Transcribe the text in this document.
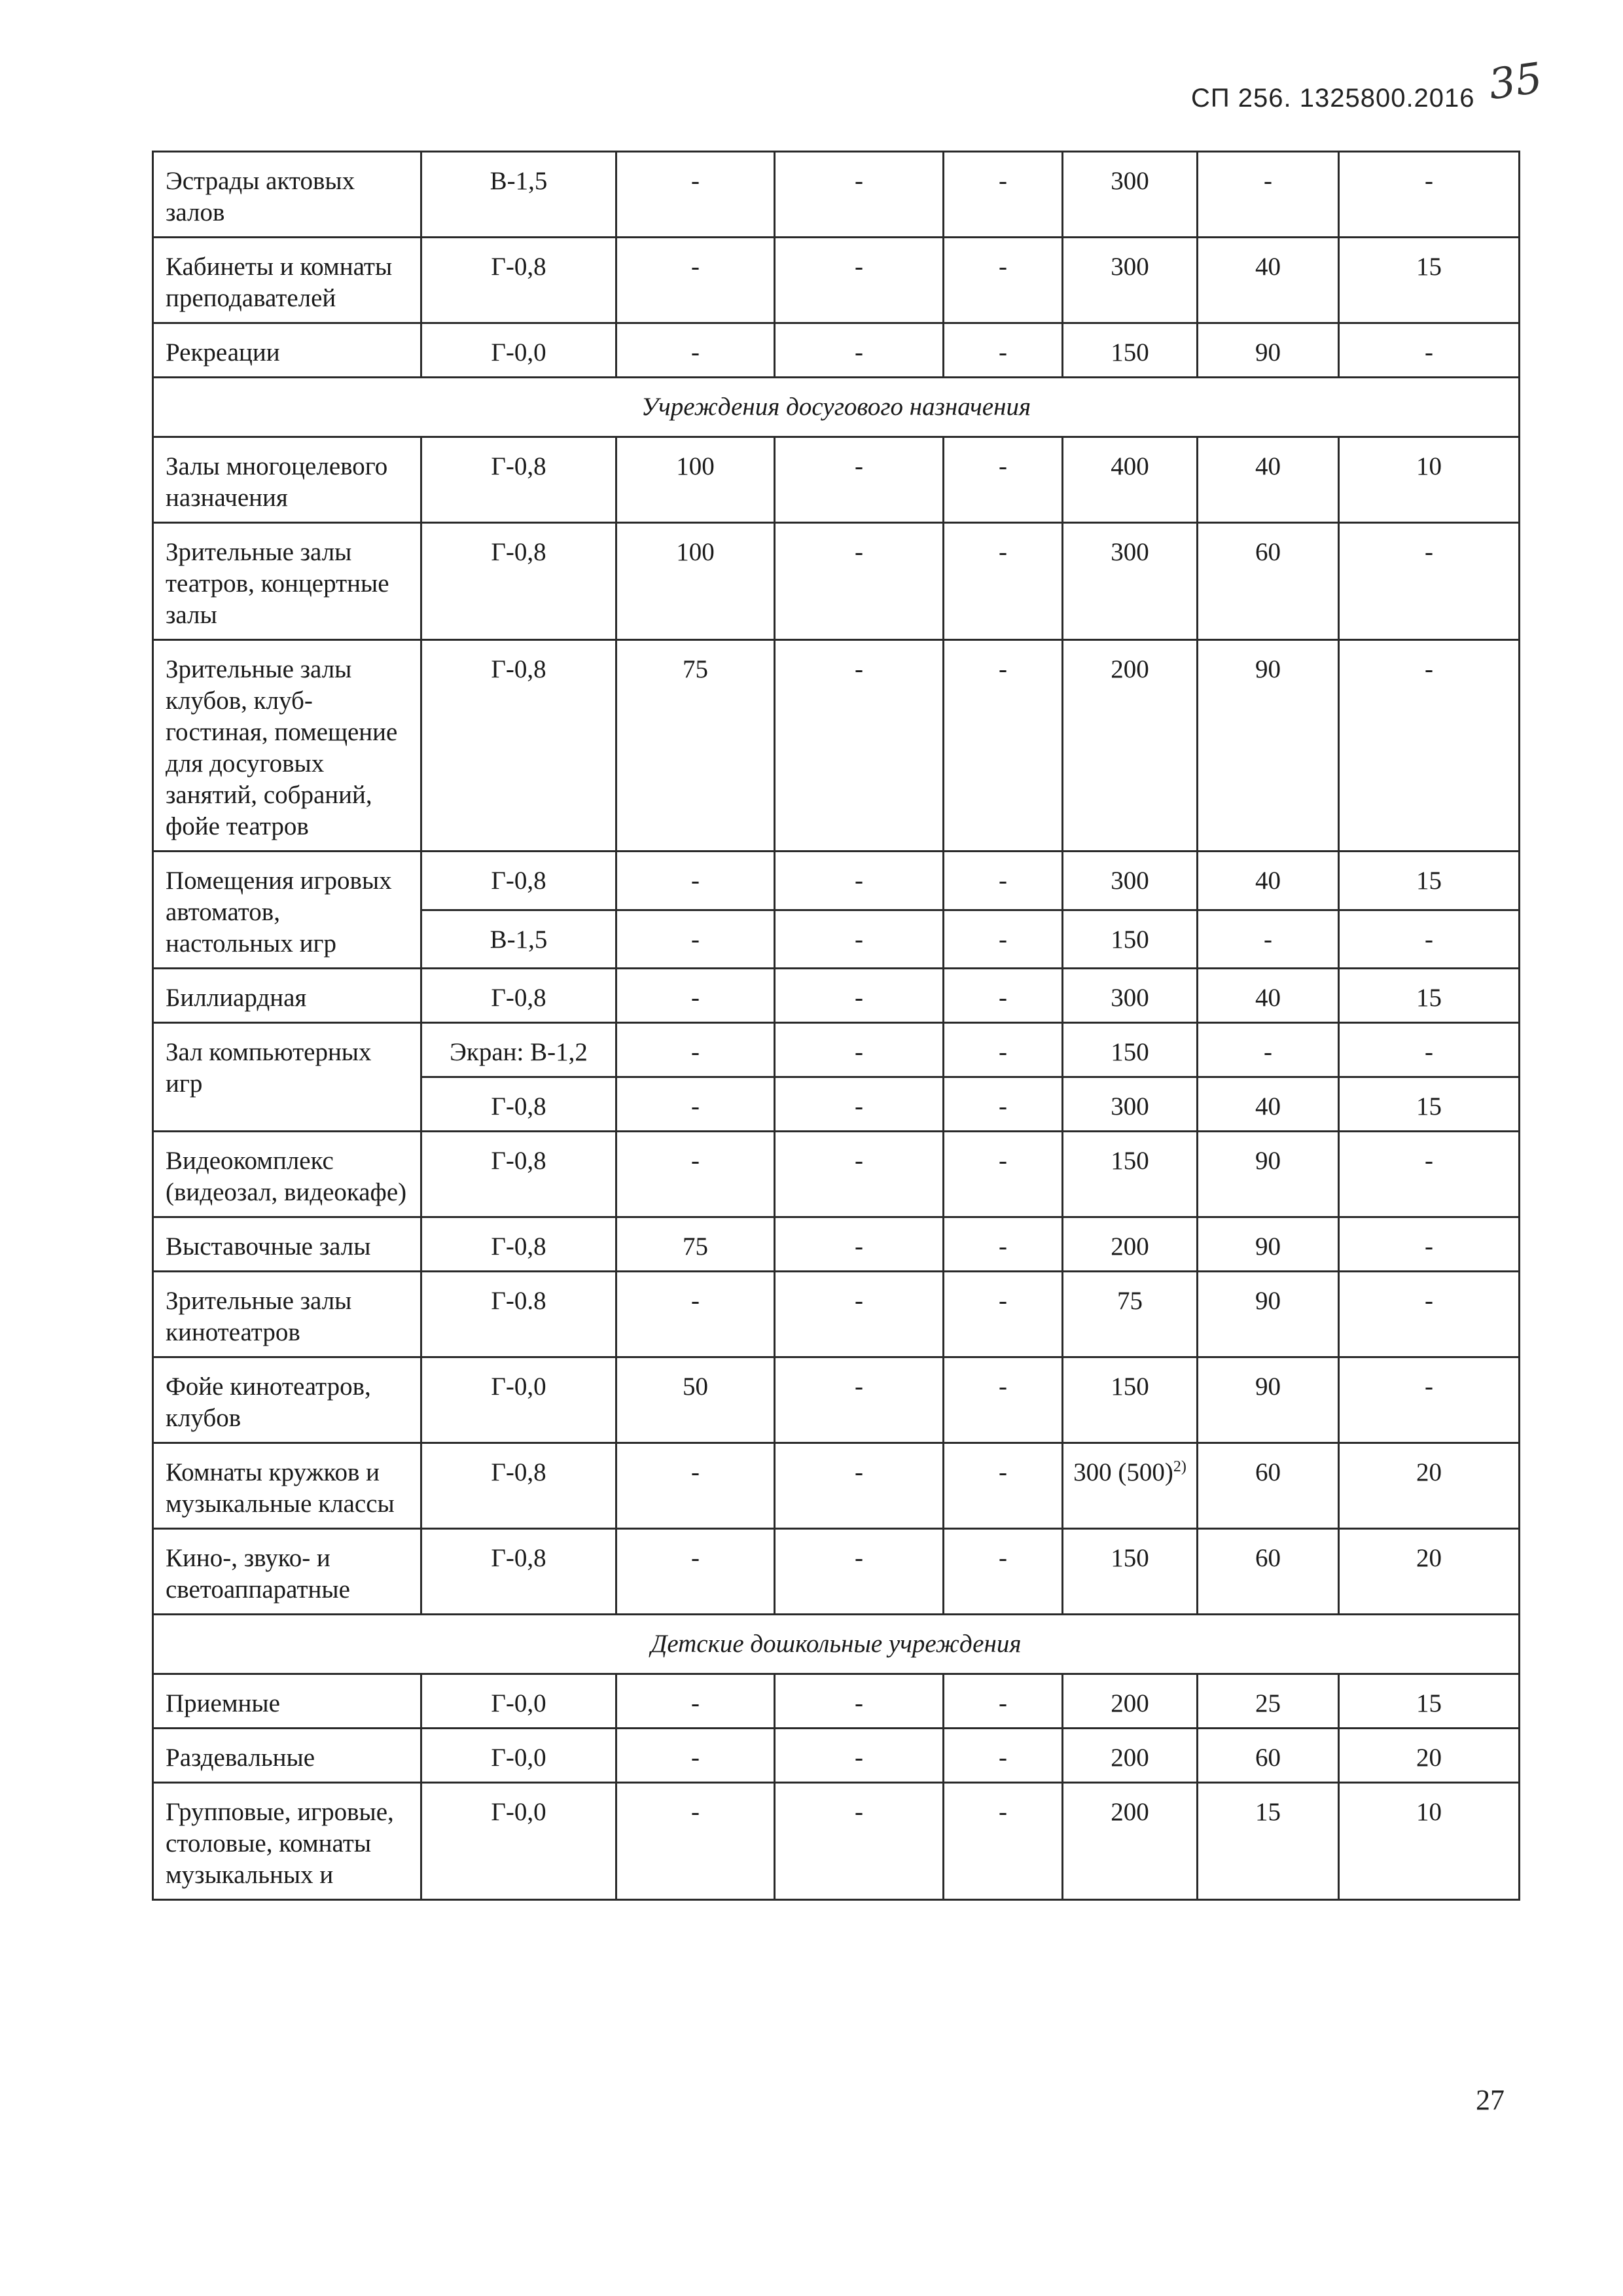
СП 256. 1325800.2016 35
Эстрады актовых залов	В-1,5	-	-	-	300	-	-
Кабинеты и комнаты преподавателей	Г-0,8	-	-	-	300	40	15
Рекреации	Г-0,0	-	-	-	150	90	-
Учреждения досугового назначения							
Залы многоцелевого назначения	Г-0,8	100	-	-	400	40	10
Зрительные залы театров, концертные залы	Г-0,8	100	-	-	300	60	-
Зрительные залы клубов, клуб-гостиная, помещение для досуговых занятий, собраний, фойе театров	Г-0,8	75	-	-	200	90	-
Помещения игровых автоматов, настольных игр	Г-0,8	-	-	-	300	40	15
	В-1,5	-	-	-	150	-	-
Биллиардная	Г-0,8	-	-	-	300	40	15
Зал компьютерных игр	Экран: В-1,2	-	-	-	150	-	-
	Г-0,8	-	-	-	300	40	15
Видеокомплекс (видеозал, видеокафе)	Г-0,8	-	-	-	150	90	-
Выставочные залы	Г-0,8	75	-	-	200	90	-
Зрительные залы кинотеатров	Г-0.8	-	-	-	75	90	-
Фойе кинотеатров, клубов	Г-0,0	50	-	-	150	90	-
Комнаты кружков и музыкальные классы	Г-0,8	-	-	-	300 $(500)^{2)}$	60	20
Кино-, звуко- и светоаппаратные	Г-0,8	-	-	-	150	60	20
Детские дошкольные учреждения							
Приемные	Г-0,0	-	-	-	200	25	15
Раздевальные	Г-0,0	-	-	-	200	60	20
Групповые, игровые, столовые, комнаты музыкальных и	Г-0,0	-	-	-	200	15	10
27
